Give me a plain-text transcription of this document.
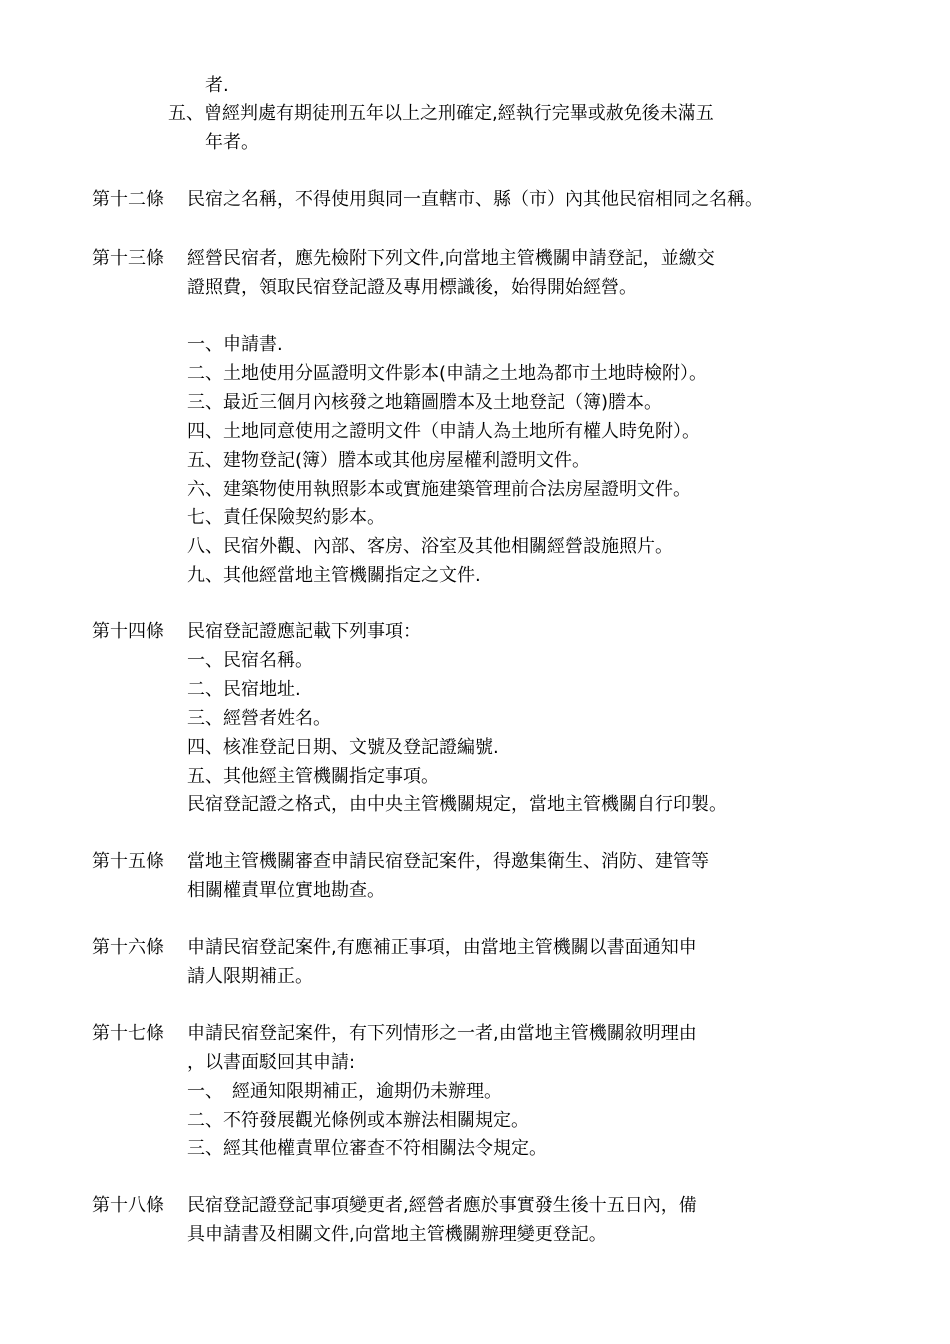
者.
五、曾經判處有期徒刑五年以上之刑確定,經執行完畢或赦免後未滿五
年者。
第十二條 民宿之名稱，不得使用與同一直轄市、縣（市）內其他民宿相同之名稱。
第十三條 經營民宿者，應先檢附下列文件,向當地主管機關申請登記，並繳交
證照費，領取民宿登記證及專用標識後，始得開始經營。
一、申請書.
二、土地使用分區證明文件影本(申請之土地為都市土地時檢附）。
三、最近三個月內核發之地籍圖謄本及土地登記（簿)謄本。
四、土地同意使用之證明文件（申請人為土地所有權人時免附）。
五、建物登記(簿）謄本或其他房屋權利證明文件。
六、建築物使用執照影本或實施建築管理前合法房屋證明文件。
七、責任保險契約影本。
八、民宿外觀、內部、客房、浴室及其他相關經營設施照片。
九、其他經當地主管機關指定之文件.
第十四條 民宿登記證應記載下列事項：
一、民宿名稱。
二、民宿地址.
三、經營者姓名。
四、核准登記日期、文號及登記證編號.
五、其他經主管機關指定事項。
民宿登記證之格式，由中央主管機關規定，當地主管機關自行印製。
第十五條 當地主管機關審查申請民宿登記案件，得邀集衛生、消防、建管等
相關權責單位實地勘查。
第十六條 申請民宿登記案件,有應補正事項，由當地主管機關以書面通知申
請人限期補正。
第十七條 申請民宿登記案件，有下列情形之一者,由當地主管機關敘明理由
，以書面駁回其申請:
一、　經通知限期補正，逾期仍未辦理。
二、不符發展觀光條例或本辦法相關規定。
三、經其他權責單位審查不符相關法令規定。
第十八條 民宿登記證登記事項變更者,經營者應於事實發生後十五日內，備
具申請書及相關文件,向當地主管機關辦理變更登記。
